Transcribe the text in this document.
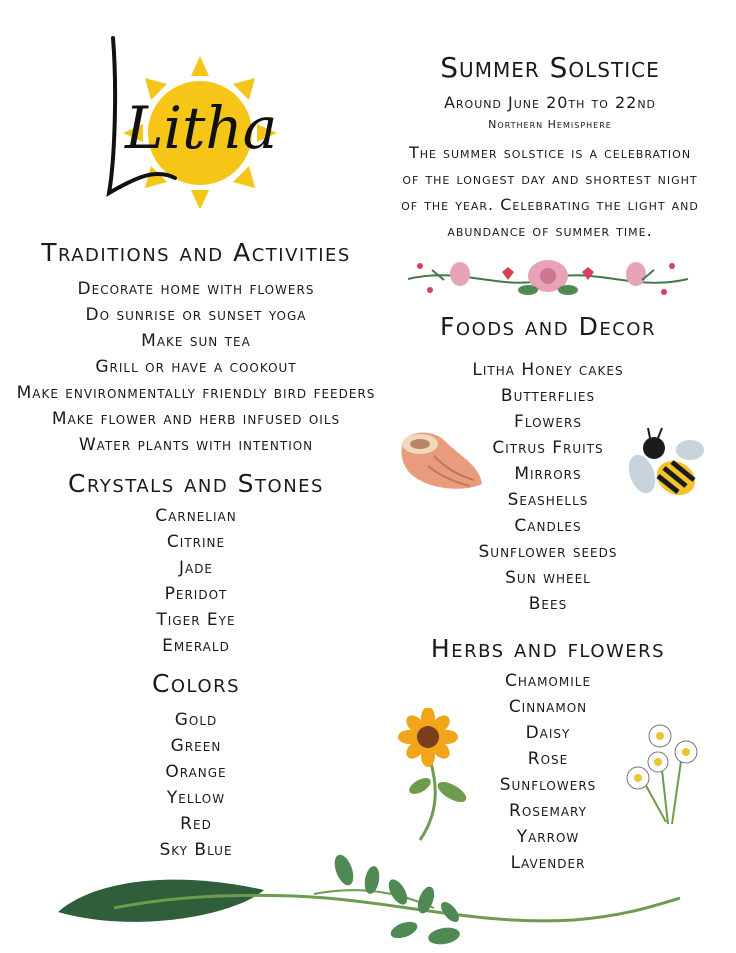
Litha
Summer Solstice
Around June 20th to 22nd
Northern Hemisphere
The summer solstice is a celebration
of the longest day and shortest night
of the year. Celebrating the light and
abundance of summer time.
Traditions and Activities
Decorate home with flowers
Do sunrise or sunset yoga
Make sun tea
Grill or have a cookout
Make environmentally friendly bird feeders
Make flower and herb infused oils
Water plants with intention
Crystals and Stones
Carnelian
Citrine
Jade
Peridot
Tiger Eye
Emerald
Colors
Gold
Green
Orange
Yellow
Red
Sky Blue
Foods and Decor
Litha Honey cakes
Butterflies
Flowers
Citrus Fruits
Mirrors
Seashells
Candles
Sunflower seeds
Sun wheel
Bees
Herbs and flowers
Chamomile
Cinnamon
Daisy
Rose
Sunflowers
Rosemary
Yarrow
Lavender
